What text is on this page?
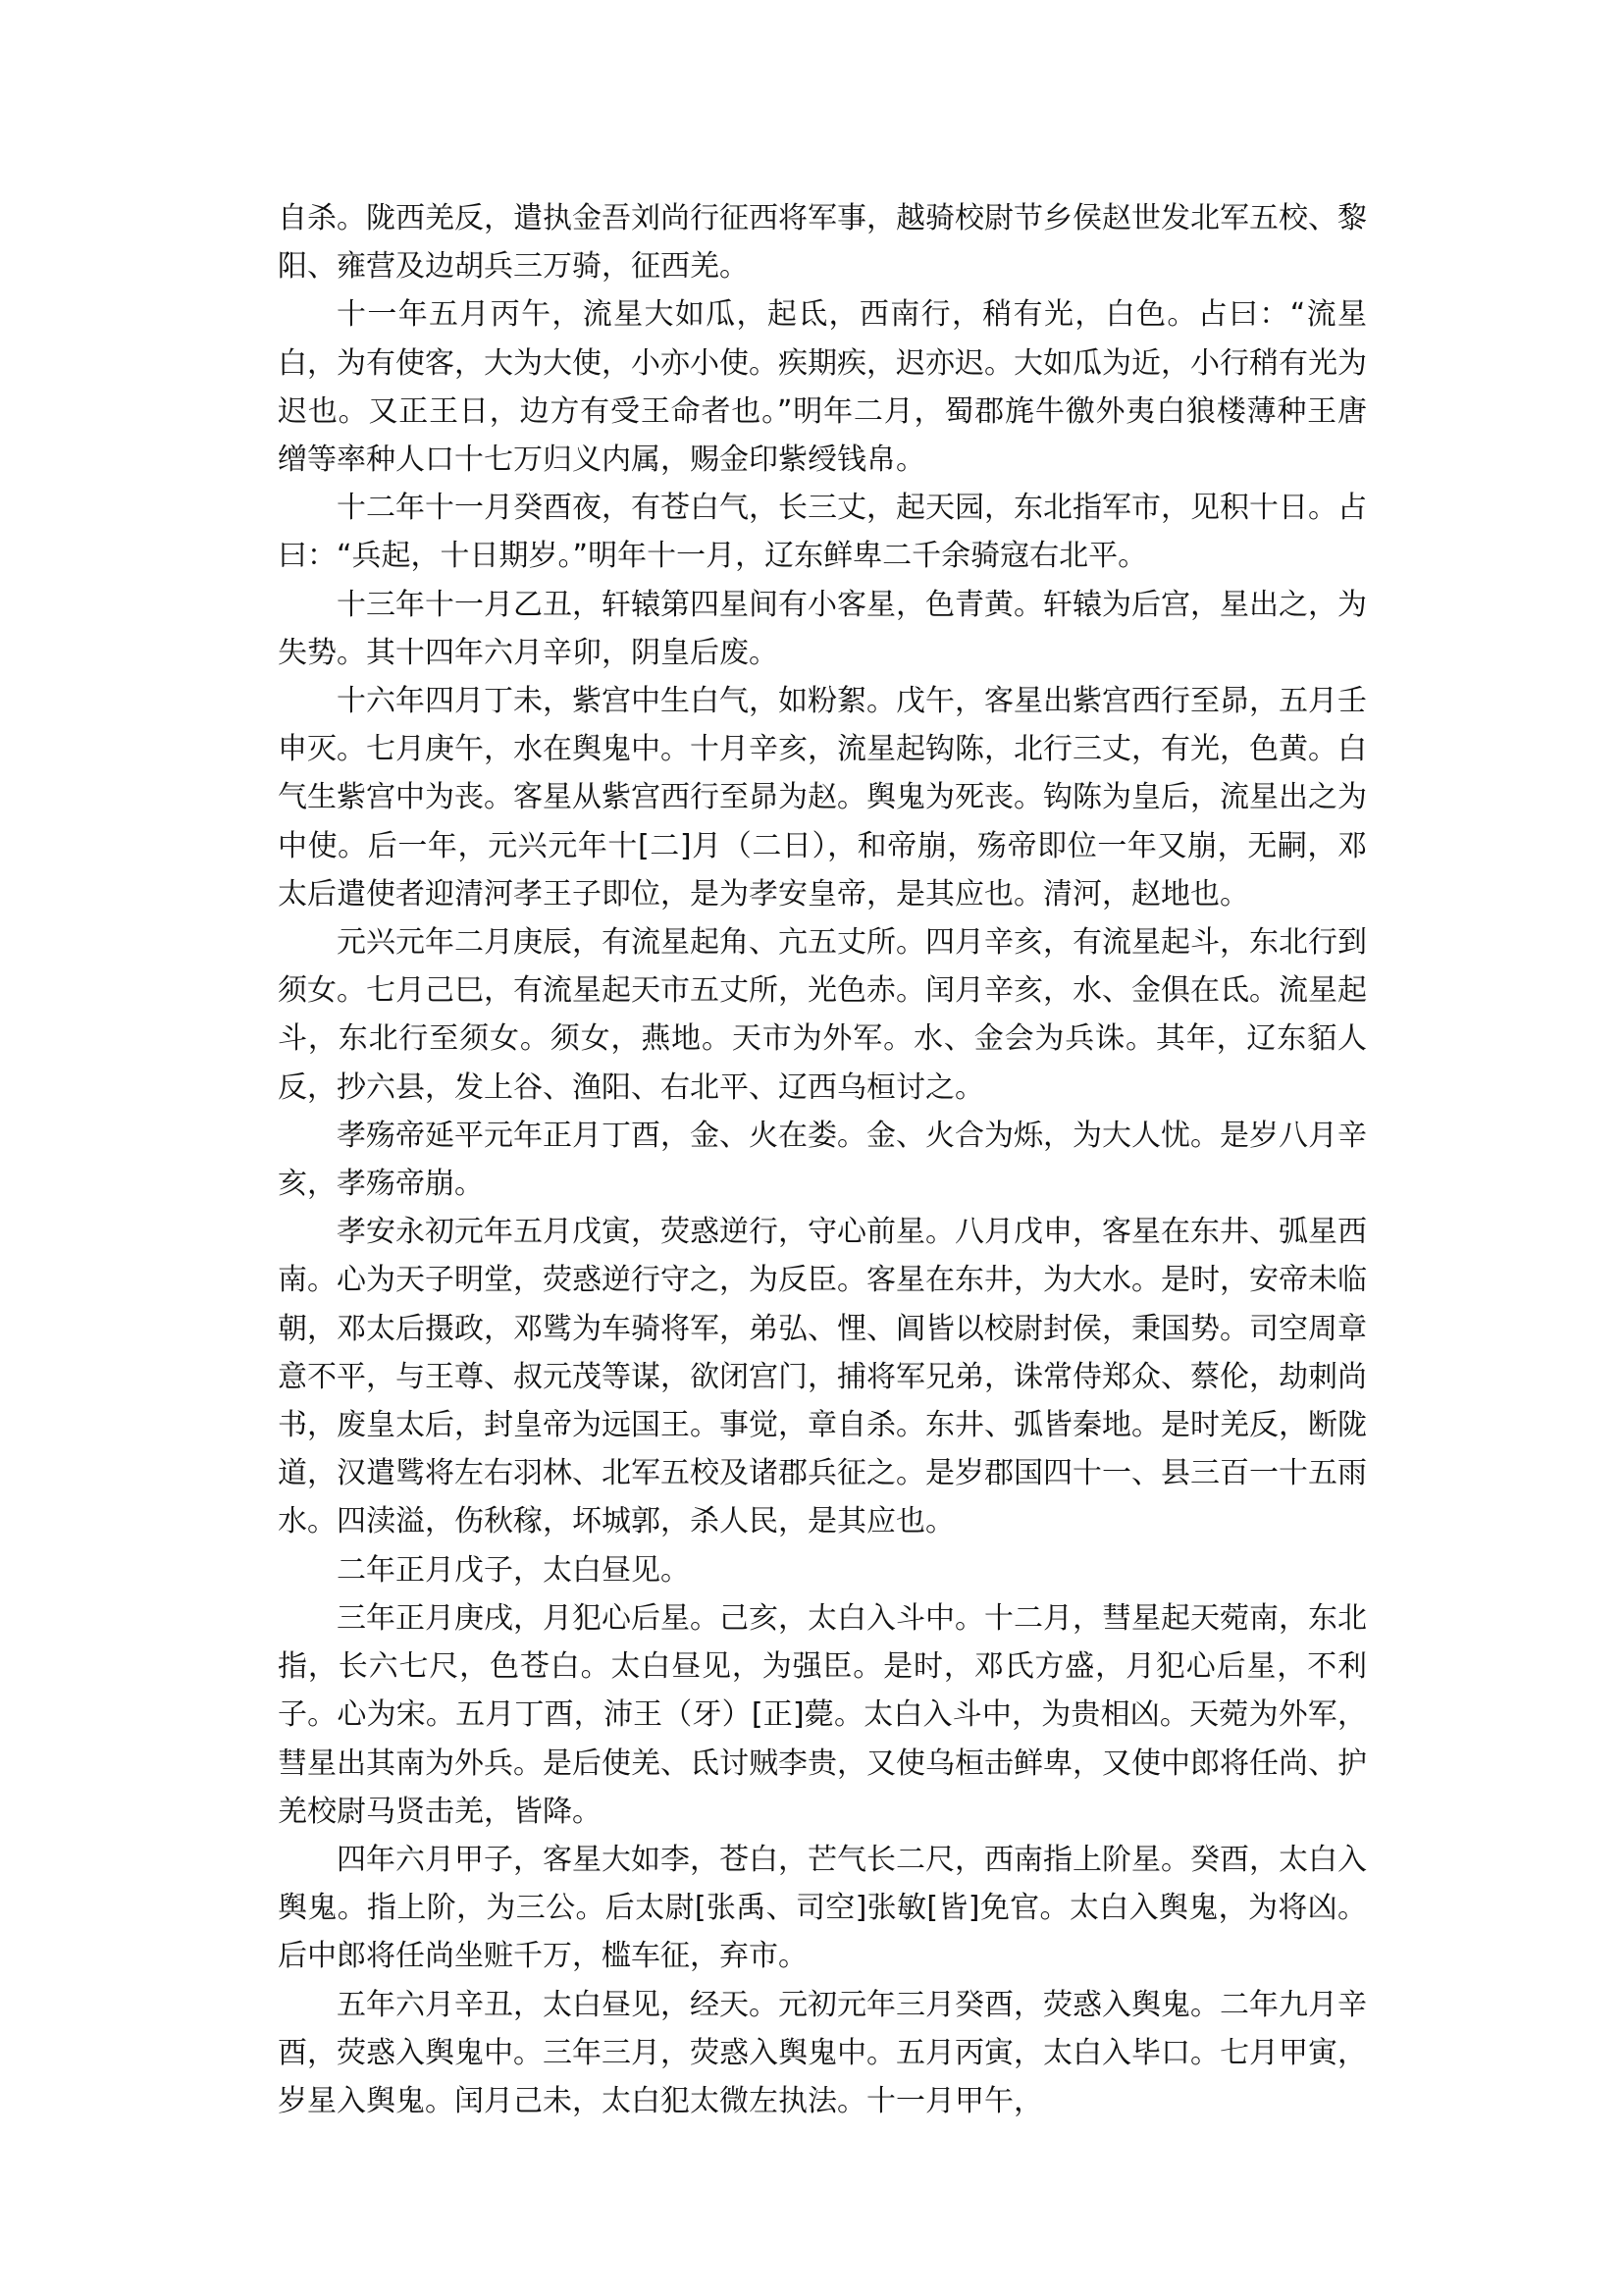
自杀。陇西羌反，遣执金吾刘尚行征西将军事，越骑校尉节乡侯赵世发北军五校、黎阳、雍营及边胡兵三万骑，征西羌。

十一年五月丙午，流星大如瓜，起氐，西南行，稍有光，白色。占曰：“流星白，为有使客，大为大使，小亦小使。疾期疾，迟亦迟。大如瓜为近，小行稍有光为迟也。又正王日，边方有受王命者也。”明年二月，蜀郡旄牛徼外夷白狼楼薄种王唐缯等率种人口十七万归义内属，赐金印紫绶钱帛。

十二年十一月癸酉夜，有苍白气，长三丈，起天园，东北指军市，见积十日。占曰：“兵起，十日期岁。”明年十一月，辽东鲜卑二千余骑寇右北平。

十三年十一月乙丑，轩辕第四星间有小客星，色青黄。轩辕为后宫，星出之，为失势。其十四年六月辛卯，阴皇后废。

十六年四月丁未，紫宫中生白气，如粉絮。戊午，客星出紫宫西行至昴，五月壬申灭。七月庚午，水在舆鬼中。十月辛亥，流星起钩陈，北行三丈，有光，色黄。白气生紫宫中为丧。客星从紫宫西行至昴为赵。舆鬼为死丧。钩陈为皇后，流星出之为中使。后一年，元兴元年十[二]月（二日），和帝崩，殇帝即位一年又崩，无嗣，邓太后遣使者迎清河孝王子即位，是为孝安皇帝，是其应也。清河，赵地也。

元兴元年二月庚辰，有流星起角、亢五丈所。四月辛亥，有流星起斗，东北行到须女。七月己巳，有流星起天市五丈所，光色赤。闰月辛亥，水、金俱在氐。流星起斗，东北行至须女。须女，燕地。天市为外军。水、金会为兵诛。其年，辽东貊人反，抄六县，发上谷、渔阳、右北平、辽西乌桓讨之。

孝殇帝延平元年正月丁酉，金、火在娄。金、火合为烁，为大人忧。是岁八月辛亥，孝殇帝崩。

孝安永初元年五月戊寅，荧惑逆行，守心前星。八月戊申，客星在东井、弧星西南。心为天子明堂，荧惑逆行守之，为反臣。客星在东井，为大水。是时，安帝未临朝，邓太后摄政，邓骘为车骑将军，弟弘、悝、阊皆以校尉封侯，秉国势。司空周章意不平，与王尊、叔元茂等谋，欲闭宫门，捕将军兄弟，诛常侍郑众、蔡伦，劫刺尚书，废皇太后，封皇帝为远国王。事觉，章自杀。东井、弧皆秦地。是时羌反，断陇道，汉遣骘将左右羽林、北军五校及诸郡兵征之。是岁郡国四十一、县三百一十五雨水。四渎溢，伤秋稼，坏城郭，杀人民，是其应也。

二年正月戊子，太白昼见。

三年正月庚戌，月犯心后星。己亥，太白入斗中。十二月，彗星起天菀南，东北指，长六七尺，色苍白。太白昼见，为强臣。是时，邓氏方盛，月犯心后星，不利子。心为宋。五月丁酉，沛王（牙）[正]薨。太白入斗中，为贵相凶。天菀为外军，彗星出其南为外兵。是后使羌、氐讨贼李贵，又使乌桓击鲜卑，又使中郎将任尚、护羌校尉马贤击羌，皆降。

四年六月甲子，客星大如李，苍白，芒气长二尺，西南指上阶星。癸酉，太白入舆鬼。指上阶，为三公。后太尉[张禹、司空]张敏[皆]免官。太白入舆鬼，为将凶。后中郎将任尚坐赃千万，槛车征，弃市。

五年六月辛丑，太白昼见，经天。元初元年三月癸酉，荧惑入舆鬼。二年九月辛酉，荧惑入舆鬼中。三年三月，荧惑入舆鬼中。五月丙寅，太白入毕口。七月甲寅，岁星入舆鬼。闰月己未，太白犯太微左执法。十一月甲午，
